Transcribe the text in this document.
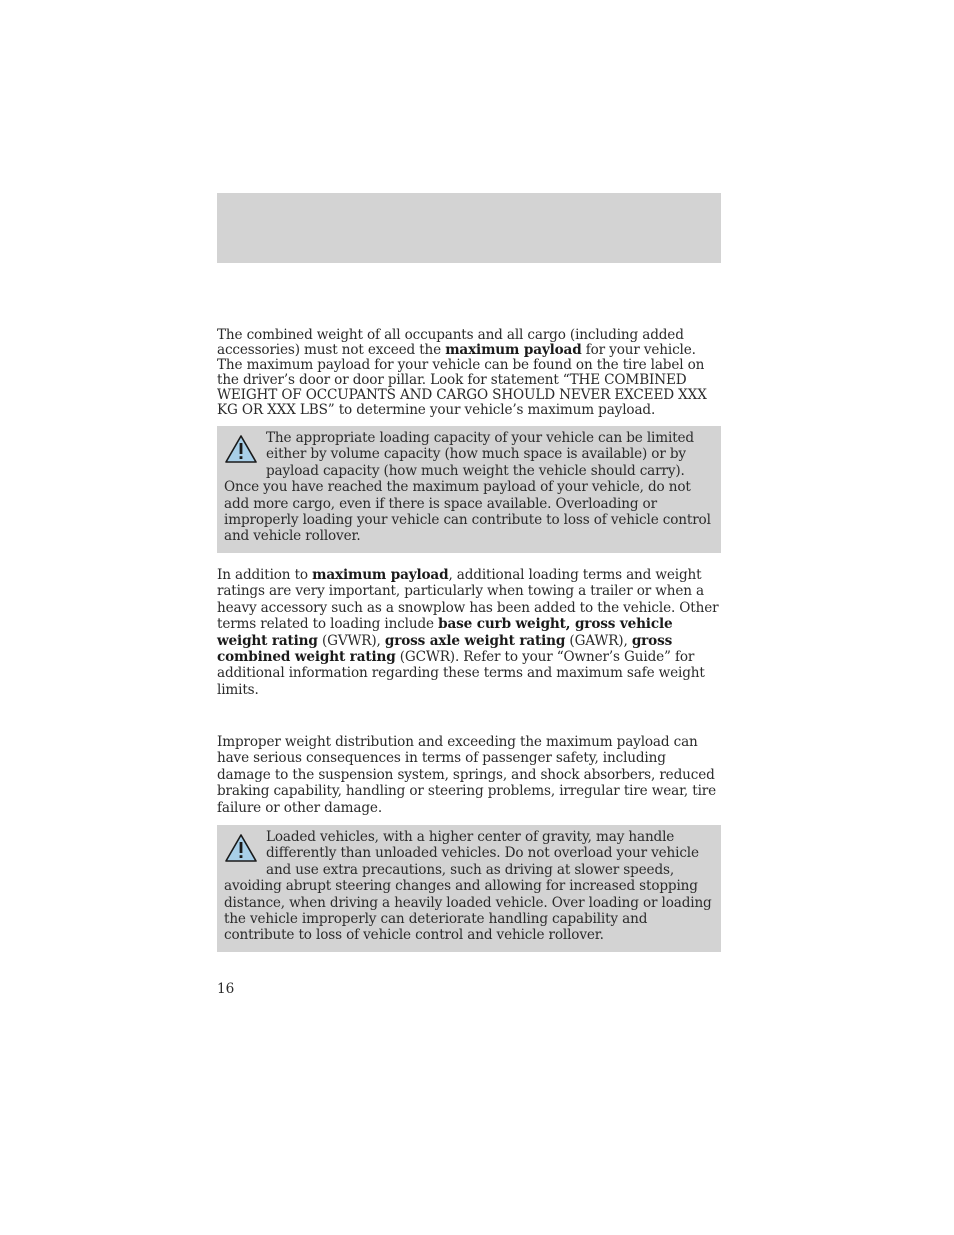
The combined weight of all occupants and all cargo (including added accessories) must not exceed the maximum payload for your vehicle. The maximum payload for your vehicle can be found on the tire label on the driver’s door or door pillar. Look for statement “THE COMBINED WEIGHT OF OCCUPANTS AND CARGO SHOULD NEVER EXCEED XXX KG OR XXX LBS” to determine your vehicle’s maximum payload.

The appropriate loading capacity of your vehicle can be limited either by volume capacity (how much space is available) or by payload capacity (how much weight the vehicle should carry). Once you have reached the maximum payload of your vehicle, do not add more cargo, even if there is space available. Overloading or improperly loading your vehicle can contribute to loss of vehicle control and vehicle rollover.

In addition to maximum payload, additional loading terms and weight ratings are very important, particularly when towing a trailer or when a heavy accessory such as a snowplow has been added to the vehicle. Other terms related to loading include base curb weight, gross vehicle weight rating (GVWR), gross axle weight rating (GAWR), gross combined weight rating (GCWR). Refer to your “Owner’s Guide” for additional information regarding these terms and maximum safe weight limits.

Improper weight distribution and exceeding the maximum payload can have serious consequences in terms of passenger safety, including damage to the suspension system, springs, and shock absorbers, reduced braking capability, handling or steering problems, irregular tire wear, tire failure or other damage.

Loaded vehicles, with a higher center of gravity, may handle differently than unloaded vehicles. Do not overload your vehicle and use extra precautions, such as driving at slower speeds, avoiding abrupt steering changes and allowing for increased stopping distance, when driving a heavily loaded vehicle. Over loading or loading the vehicle improperly can deteriorate handling capability and contribute to loss of vehicle control and vehicle rollover.

16
